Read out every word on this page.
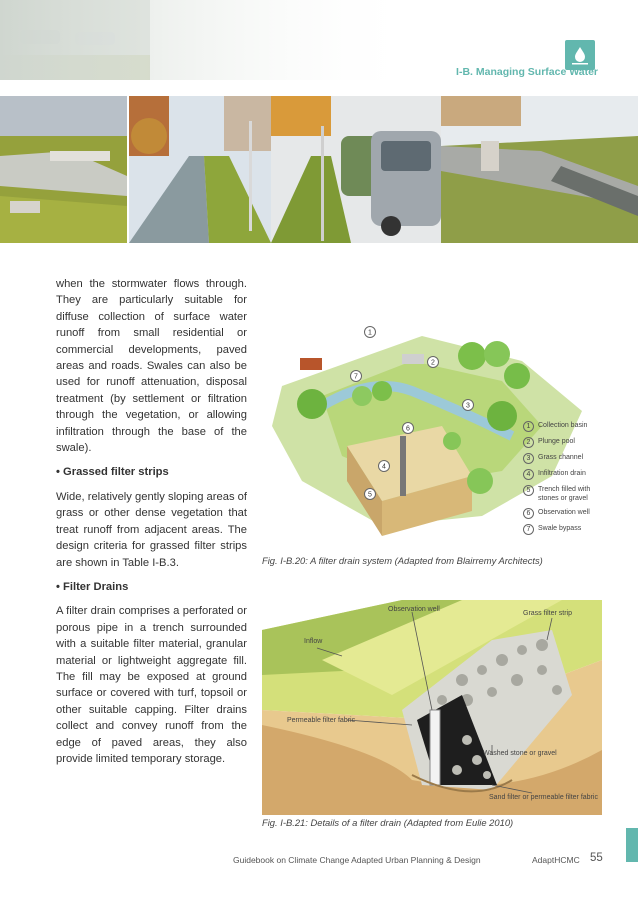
I-B. Managing Surface Water

when the stormwater flows through. They are particularly suitable for diffuse collection of surface water runoff from small residential or commercial developments, paved areas and roads. Swales can also be used for runoff attenuation, disposal treatment (by settlement or filtration through the vegetation, or allowing infiltration through the base of the swale).

• Grassed filter strips

Wide, relatively gently sloping areas of grass or other dense vegetation that treat runoff from adjacent areas. The design criteria for grassed filter strips are shown in Table I-B.3.

• Filter Drains

A filter drain comprises a perforated or porous pipe in a trench surrounded with a suitable filter material, granular material or lightweight aggregate fill. The fill may be exposed at ground surface or covered with turf, topsoil or other suitable capping. Filter drains collect and convey runoff from the edge of paved areas, they also provide limited temporary storage.

1
2
3
4
5
6
7
1	Collection basin
2	Plunge pool
3	Grass channel
4	Infiltration drain
5	Trench filled with stones or gravel
6	Observation well
7	Swale bypass
Fig. I-B.20: A filter drain system (Adapted from Blairremy Architects)
Observation well
Grass filter strip
Inflow
Permeable filter fabric
Washed stone or gravel
Sand filter or permeable filter fabric
Fig. I-B.21: Details of a filter drain (Adapted from Eulie 2010)
Guidebook on Climate Change Adapted Urban Planning & Design	AdaptHCMC 55
